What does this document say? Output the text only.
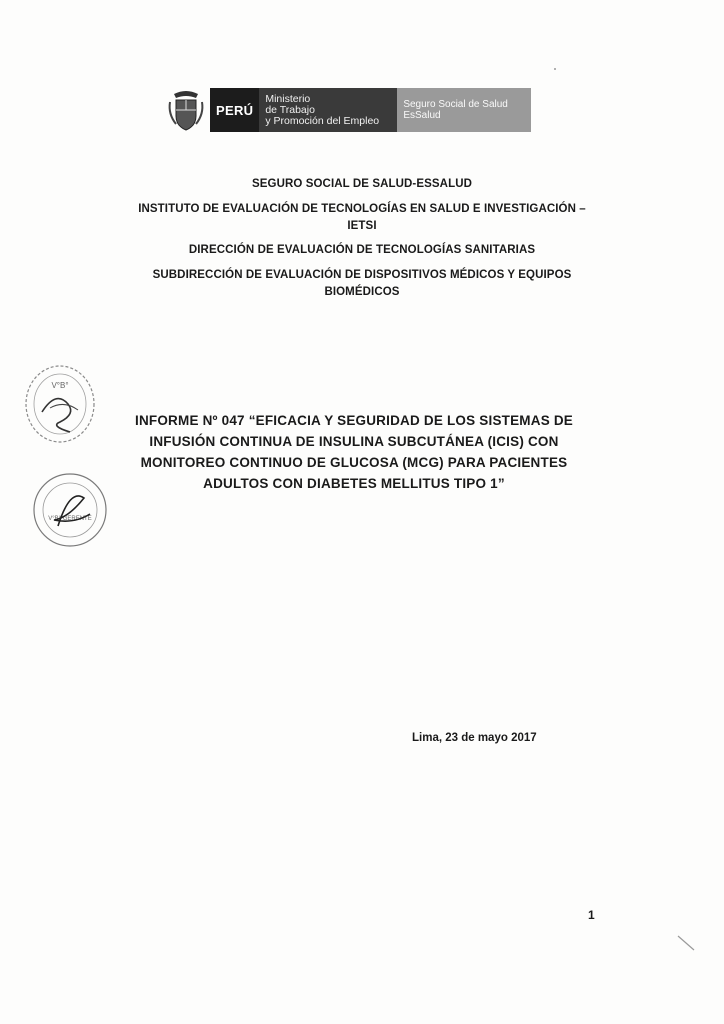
PERÚ
Ministerio
de Trabajo
y Promoción del Empleo
Seguro Social de Salud
EsSalud
SEGURO SOCIAL DE SALUD-ESSALUD
INSTITUTO DE EVALUACIÓN DE TECNOLOGÍAS EN SALUD E INVESTIGACIÓN –
IETSI
DIRECCIÓN DE EVALUACIÓN DE TECNOLOGÍAS SANITARIAS
SUBDIRECCIÓN DE EVALUACIÓN DE DISPOSITIVOS MÉDICOS Y EQUIPOS
BIOMÉDICOS
V°B°
V°B° GERENTE
INFORME Nº 047 “EFICACIA Y SEGURIDAD DE LOS SISTEMAS DE
INFUSIÓN CONTINUA DE INSULINA SUBCUTÁNEA (ICIS) CON
MONITOREO CONTINUO DE GLUCOSA (MCG) PARA PACIENTES
ADULTOS CON DIABETES MELLITUS TIPO 1”
Lima, 23 de mayo 2017
1
